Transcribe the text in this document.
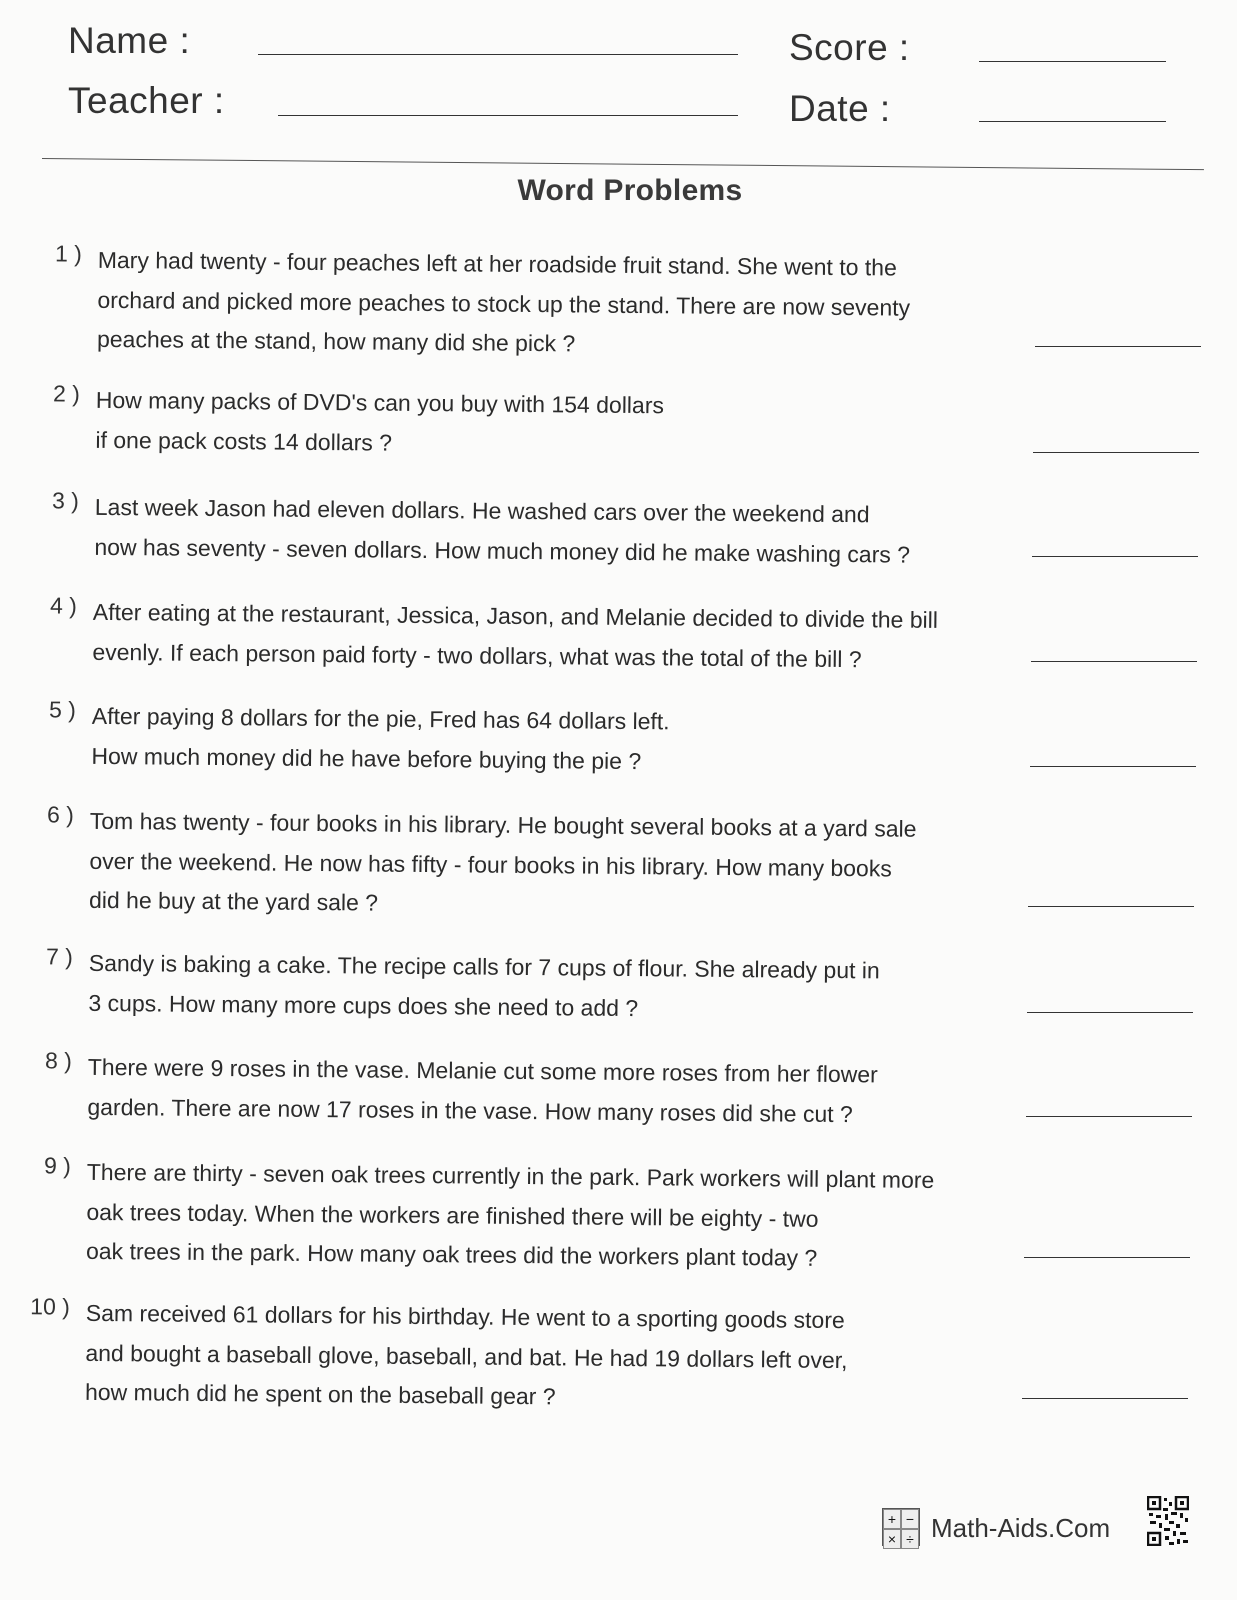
Name :
Teacher :
Score :
Date :
Word Problems
1 ) Mary had twenty - four peaches left at her roadside fruit stand. She went to the
orchard and picked more peaches to stock up the stand. There are now seventy
peaches at the stand, how many did she pick ?
2 ) How many packs of DVD's can you buy with 154 dollars
if one pack costs 14 dollars ?
3 ) Last week Jason had eleven dollars. He washed cars over the weekend and
now has seventy - seven dollars. How much money did he make washing cars ?
4 ) After eating at the restaurant, Jessica, Jason, and Melanie decided to divide the bill
evenly. If each person paid forty - two dollars, what was the total of the bill ?
5 ) After paying 8 dollars for the pie, Fred has 64 dollars left.
How much money did he have before buying the pie ?
6 ) Tom has twenty - four books in his library. He bought several books at a yard sale
over the weekend. He now has fifty - four books in his library. How many books
did he buy at the yard sale ?
7 ) Sandy is baking a cake. The recipe calls for 7 cups of flour. She already put in
3 cups. How many more cups does she need to add ?
8 ) There were 9 roses in the vase. Melanie cut some more roses from her flower
garden. There are now 17 roses in the vase. How many roses did she cut ?
9 ) There are thirty - seven oak trees currently in the park. Park workers will plant more
oak trees today. When the workers are finished there will be eighty - two
oak trees in the park. How many oak trees did the workers plant today ?
10 ) Sam received 61 dollars for his birthday. He went to a sporting goods store
and bought a baseball glove, baseball, and bat. He had 19 dollars left over,
how much did he spent on the baseball gear ?
+ −
× ÷ Math-Aids.Com
